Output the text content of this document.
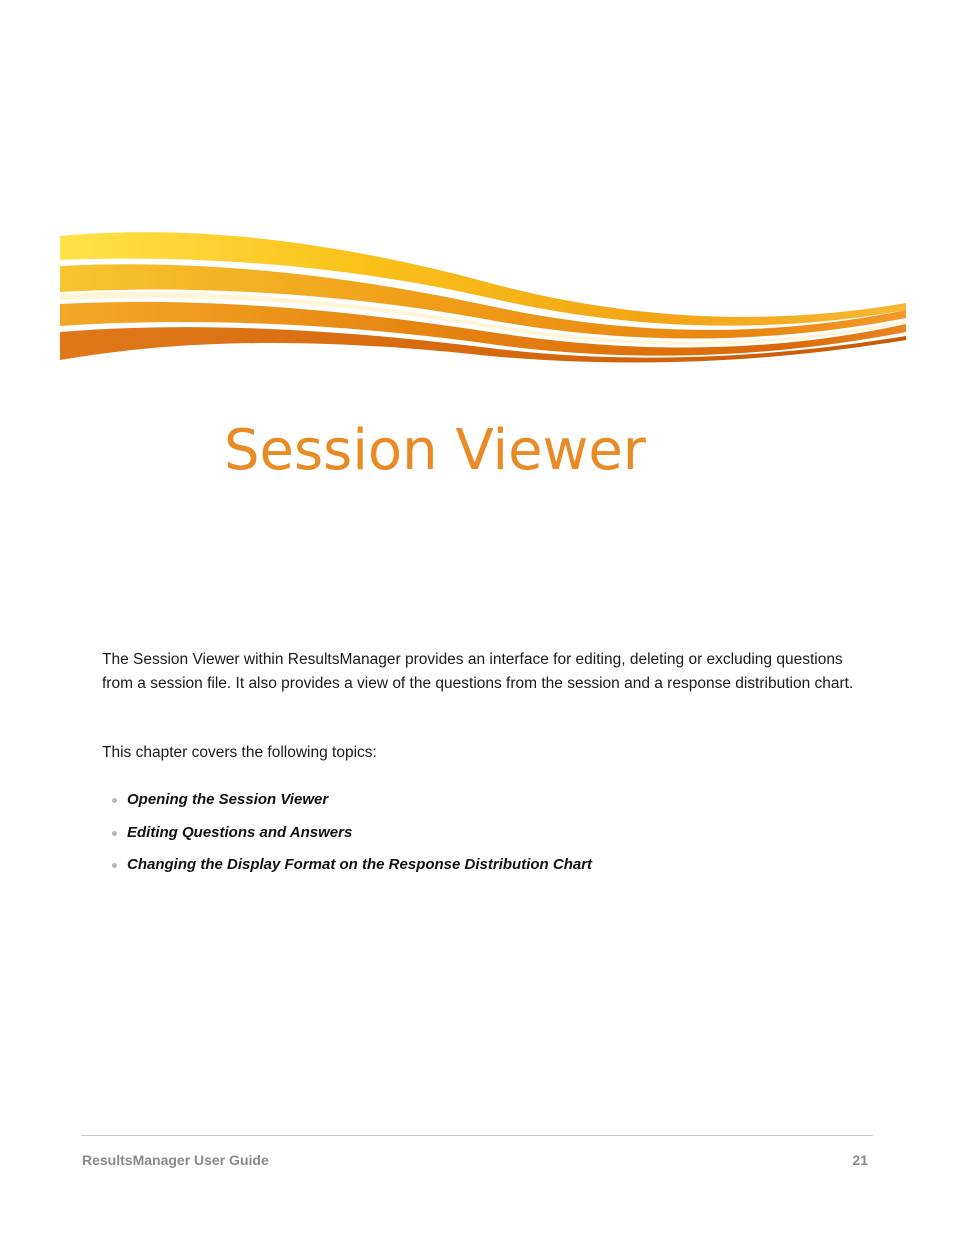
Session Viewer

The Session Viewer within ResultsManager provides an interface for editing, deleting or excluding questions from a session file. It also provides a view of the questions from the session and a response distribution chart.

This chapter covers the following topics:

Opening the Session Viewer
Editing Questions and Answers
Changing the Display Format on the Response Distribution Chart
ResultsManager User Guide	21
